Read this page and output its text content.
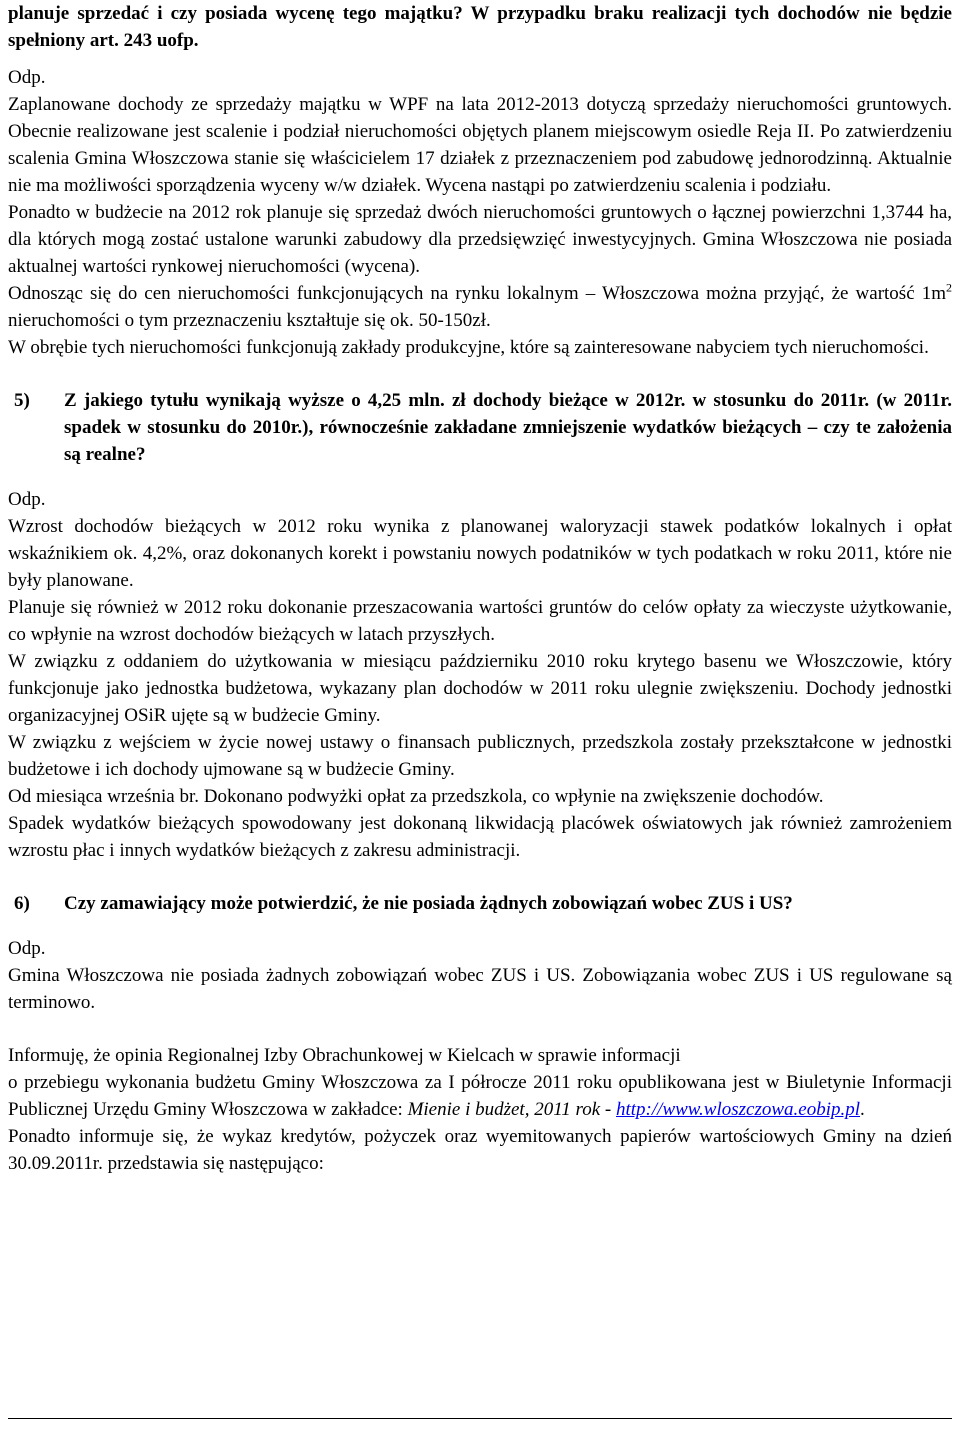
planuje sprzedać i czy posiada wycenę tego majątku? W przypadku braku realizacji tych dochodów nie będzie spełniony art. 243 uofp.

Odp.

Zaplanowane dochody ze sprzedaży majątku w WPF na lata 2012-2013 dotyczą sprzedaży nieruchomości gruntowych. Obecnie realizowane jest scalenie i podział nieruchomości objętych planem miejscowym osiedle Reja II. Po zatwierdzeniu scalenia Gmina Włoszczowa stanie się właścicielem 17 działek z przeznaczeniem pod zabudowę jednorodzinną. Aktualnie nie ma możliwości sporządzenia wyceny w/w działek. Wycena nastąpi po zatwierdzeniu scalenia i podziału.

Ponadto w budżecie na 2012 rok planuje się sprzedaż dwóch nieruchomości gruntowych o łącznej powierzchni 1,3744 ha, dla których mogą zostać ustalone warunki zabudowy dla przedsięwzięć inwestycyjnych. Gmina Włoszczowa nie posiada aktualnej wartości rynkowej nieruchomości (wycena).

Odnosząc się do cen nieruchomości funkcjonujących na rynku lokalnym – Włoszczowa można przyjąć, że wartość $1m^2$ nieruchomości o tym przeznaczeniu kształtuje się ok. 50-150zł.

W obrębie tych nieruchomości funkcjonują zakłady produkcyjne, które są zainteresowane nabyciem tych nieruchomości.

5)	Z jakiego tytułu wynikają wyższe o 4,25 mln. zł dochody bieżące w 2012r. w stosunku do 2011r. (w 2011r. spadek w stosunku do 2010r.), równocześnie zakładane zmniejszenie wydatków bieżących – czy te założenia są realne?

Odp.

Wzrost dochodów bieżących w 2012 roku wynika z planowanej waloryzacji stawek podatków lokalnych i opłat wskaźnikiem ok. 4,2%, oraz dokonanych korekt i powstaniu nowych podatników w tych podatkach w roku 2011, które nie były planowane.

Planuje się również w 2012 roku dokonanie przeszacowania wartości gruntów do celów opłaty za wieczyste użytkowanie, co wpłynie na wzrost dochodów bieżących w latach przyszłych.

W związku z oddaniem do użytkowania w miesiącu październiku 2010 roku krytego basenu we Włoszczowie, który funkcjonuje jako jednostka budżetowa, wykazany plan dochodów w 2011 roku ulegnie zwiększeniu. Dochody jednostki organizacyjnej OSiR ujęte są w budżecie Gminy.

W związku z wejściem w życie nowej ustawy o finansach publicznych, przedszkola zostały przekształcone w jednostki budżetowe i ich dochody ujmowane są w budżecie Gminy.

Od miesiąca września br. Dokonano podwyżki opłat za przedszkola, co wpłynie na zwiększenie dochodów.

Spadek wydatków bieżących spowodowany jest dokonaną likwidacją placówek oświatowych jak również zamrożeniem wzrostu płac i innych wydatków bieżących z zakresu administracji.

6)	Czy zamawiający może potwierdzić, że nie posiada żądnych zobowiązań wobec ZUS i US?

Odp.

Gmina Włoszczowa nie posiada żadnych zobowiązań wobec ZUS i US. Zobowiązania wobec ZUS i US regulowane są terminowo.

Informuję, że opinia Regionalnej Izby Obrachunkowej w Kielcach w sprawie informacji

o przebiegu wykonania budżetu Gminy Włoszczowa za I półrocze 2011 roku opublikowana jest w Biuletynie Informacji Publicznej Urzędu Gminy Włoszczowa w zakładce: Mienie i budżet, 2011 rok - http://www.wloszczowa.eobip.pl.

Ponadto informuje się, że wykaz kredytów, pożyczek oraz wyemitowanych papierów wartościowych Gminy na dzień 30.09.2011r. przedstawia się następująco:
